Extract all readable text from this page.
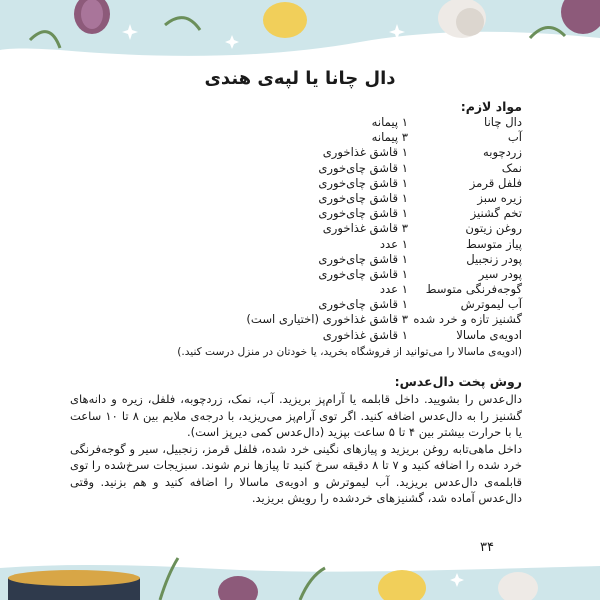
دال چانا یا لپه‌ی هندی
مواد لازم:
دال چانا
۱ پیمانه
آب
۳ پیمانه
زردچوبه
۱ قاشق غذاخوری
نمک
۱ قاشق چای‌خوری
فلفل قرمز
۱ قاشق چای‌خوری
زیره سبز
۱ قاشق چای‌خوری
تخم گشنیز
۱ قاشق چای‌خوری
روغن زیتون
۳ قاشق غذاخوری
پیاز متوسط
۱ عدد
پودر زنجبیل
۱ قاشق چای‌خوری
پودر سیر
۱ قاشق چای‌خوری
گوجه‌فرنگی متوسط
۱ عدد
آب لیموترش
۱ قاشق چای‌خوری
گشنیز تازه و خرد شده
۳ قاشق غذاخوری (اختیاری است)
ادویه‌ی ماسالا
۱ قاشق غذاخوری
(ادویه‌ی ماسالا را می‌توانید از فروشگاه بخرید، یا خودتان در منزل درست کنید.)
روش پخت دال‌عدس:

دال‌عدس را بشویید. داخل قابلمه یا آرام‌پز بریزید. آب، نمک، زردچوبه، فلفل، زیره و دانه‌های گشنیز را به دال‌عدس اضافه کنید. اگر توی آرام‌پز می‌ریزید، با درجه‌ی ملایم بین ۸ تا ۱۰ ساعت یا با حرارت بیشتر بین ۴ تا ۵ ساعت بپزید (دال‌عدس کمی دیرپز است).

داخل ماهی‌تابه روغن بریزید و پیازهای نگینی خرد شده، فلفل قرمز، زنجبیل، سیر و گوجه‌فرنگی خرد شده را اضافه کنید و ۷ تا ۸ دقیقه سرخ کنید تا پیازها نرم شوند. سبزیجات سرخ‌شده را توی قابلمه‌ی دال‌عدس بریزید. آب لیموترش و ادویه‌ی ماسالا را اضافه کنید و هم بزنید. وقتی دال‌عدس آماده شد، گشنیزهای خردشده را رویش بریزید.

۳۴
